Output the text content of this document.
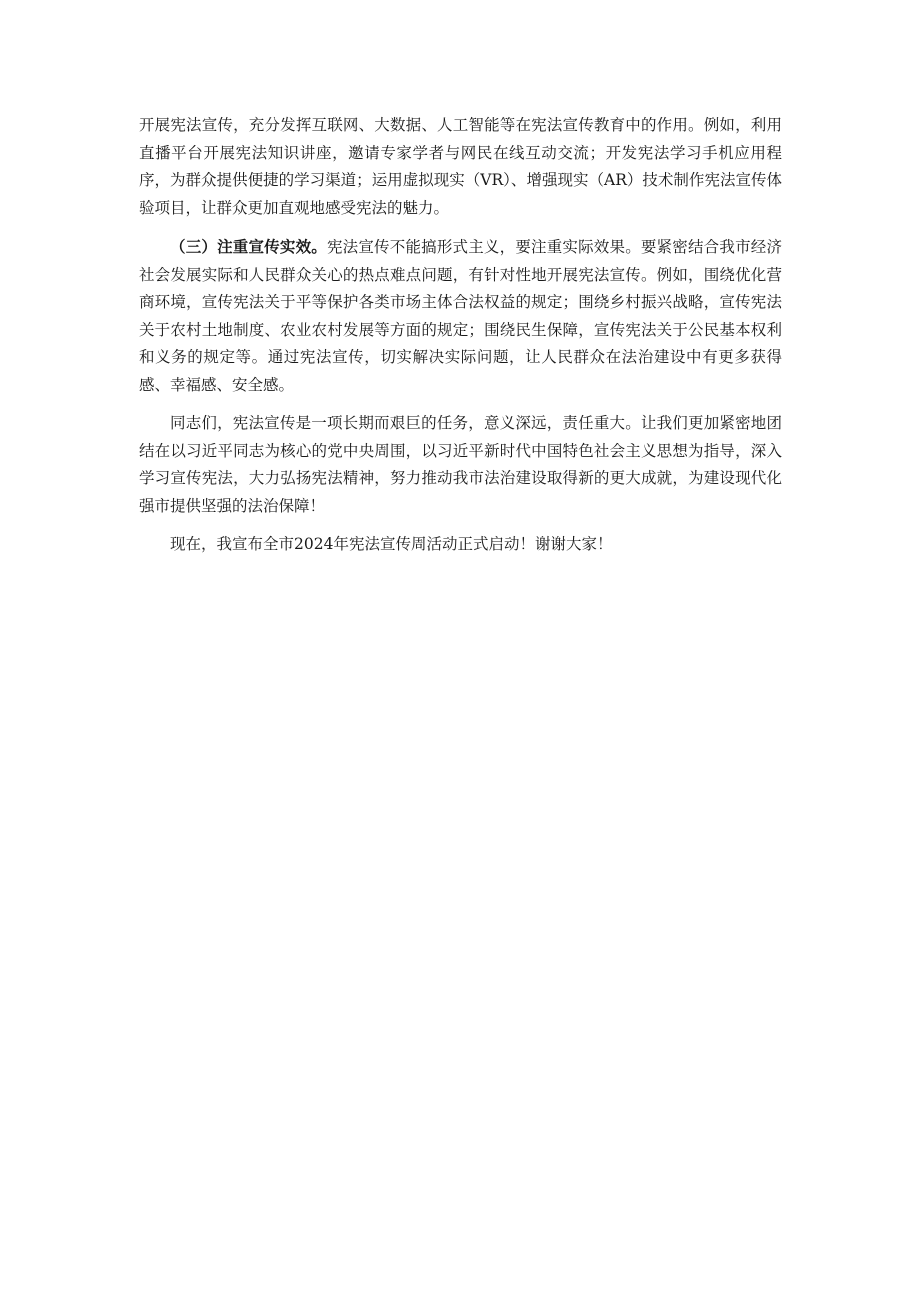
开展宪法宣传，充分发挥互联网、大数据、人工智能等在宪法宣传教育中的作用。例如，利用直播平台开展宪法知识讲座，邀请专家学者与网民在线互动交流；开发宪法学习手机应用程序，为群众提供便捷的学习渠道；运用虚拟现实（VR）、增强现实（AR）技术制作宪法宣传体验项目，让群众更加直观地感受宪法的魅力。

（三）注重宣传实效。宪法宣传不能搞形式主义，要注重实际效果。要紧密结合我市经济社会发展实际和人民群众关心的热点难点问题，有针对性地开展宪法宣传。例如，围绕优化营商环境，宣传宪法关于平等保护各类市场主体合法权益的规定；围绕乡村振兴战略，宣传宪法关于农村土地制度、农业农村发展等方面的规定；围绕民生保障，宣传宪法关于公民基本权利和义务的规定等。通过宪法宣传，切实解决实际问题，让人民群众在法治建设中有更多获得感、幸福感、安全感。

同志们，宪法宣传是一项长期而艰巨的任务，意义深远，责任重大。让我们更加紧密地团结在以习近平同志为核心的党中央周围，以习近平新时代中国特色社会主义思想为指导，深入学习宣传宪法，大力弘扬宪法精神，努力推动我市法治建设取得新的更大成就，为建设现代化强市提供坚强的法治保障！

现在，我宣布全市2024年宪法宣传周活动正式启动！谢谢大家！
